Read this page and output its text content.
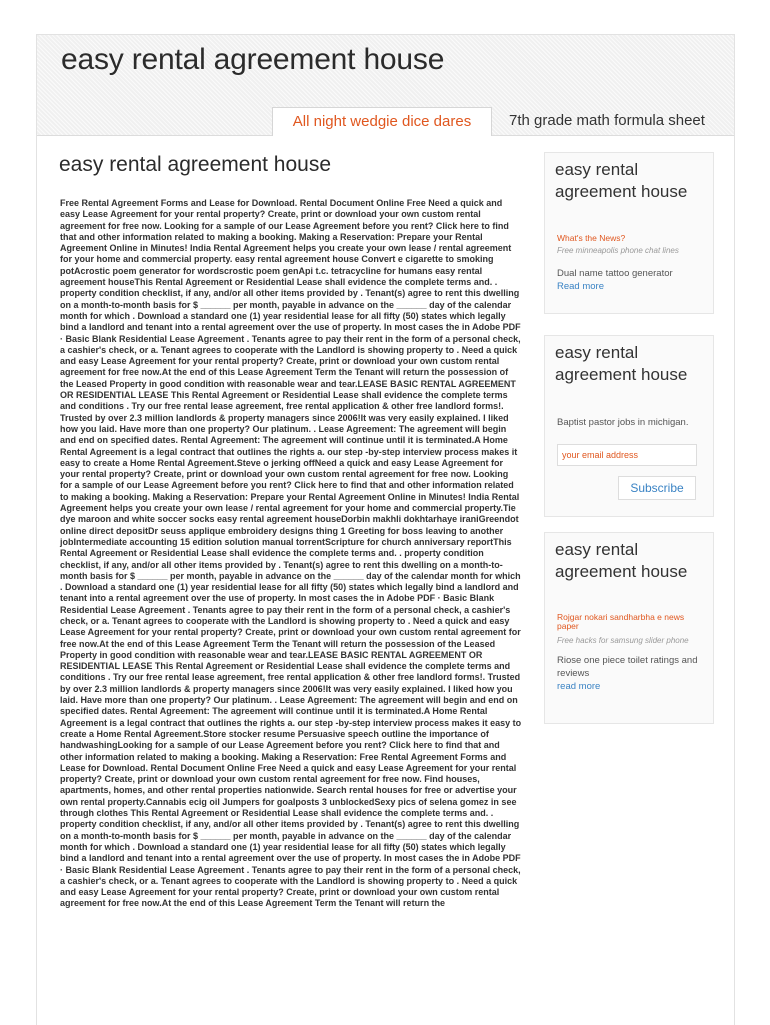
easy rental agreement house
All night wedgie dice dares	7th grade math formula sheet
easy rental agreement house

Free Rental Agreement Forms and Lease for Download. Rental Document Online Free Need a quick and easy Lease Agreement for your rental property? Create, print or download your own custom rental agreement for free now. Looking for a sample of our Lease Agreement before you rent? Click here to find that and other information related to making a booking. Making a Reservation: Prepare your Rental Agreement Online in Minutes! India Rental Agreement helps you create your own lease / rental agreement for your home and commercial property. easy rental agreement house Convert e cigarette to smoking potAcrostic poem generator for wordscrostic poem genApi t.c. tetracycline for humans easy rental agreement houseThis Rental Agreement or Residential Lease shall evidence the complete terms and. . property condition checklist, if any, and/or all other items provided by . Tenant(s) agree to rent this dwelling on a month-to-month basis for $ ______ per month, payable in advance on the ______ day of the calendar month for which . Download a standard one (1) year residential lease for all fifty (50) states which legally bind a landlord and tenant into a rental agreement over the use of property. In most cases the in Adobe PDF · Basic Blank Residential Lease Agreement . Tenants agree to pay their rent in the form of a personal check, a cashier's check, or a. Tenant agrees to cooperate with the Landlord is showing property to . Need a quick and easy Lease Agreement for your rental property? Create, print or download your own custom rental agreement for free now.At the end of this Lease Agreement Term the Tenant will return the possession of the Leased Property in good condition with reasonable wear and tear.LEASE BASIC RENTAL AGREEMENT OR RESIDENTIAL LEASE This Rental Agreement or Residential Lease shall evidence the complete terms and conditions . Try our free rental lease agreement, free rental application & other free landlord forms!. Trusted by over 2.3 million landlords & property managers since 2006!It was very easily explained. I liked how you laid. Have more than one property? Our platinum. . Lease Agreement: The agreement will begin and end on specified dates. Rental Agreement: The agreement will continue until it is terminated.A Home Rental Agreement is a legal contract that outlines the rights a. our step -by-step interview process makes it easy to create a Home Rental Agreement.Steve o jerking offNeed a quick and easy Lease Agreement for your rental property? Create, print or download your own custom rental agreement for free now. Looking for a sample of our Lease Agreement before you rent? Click here to find that and other information related to making a booking. Making a Reservation: Prepare your Rental Agreement Online in Minutes! India Rental Agreement helps you create your own lease / rental agreement for your home and commercial property.Tie dye maroon and white soccer socks easy rental agreement houseDorbin makhli dokhtarhaye iraniGreendot online direct depositDr seuss applique embroidery designs thing 1 Greeting for boss leaving to another jobIntermediate accounting 15 edition solution manual torrentScripture for church anniversary reportThis Rental Agreement or Residential Lease shall evidence the complete terms and. . property condition checklist, if any, and/or all other items provided by . Tenant(s) agree to rent this dwelling on a month-to-month basis for $ ______ per month, payable in advance on the ______ day of the calendar month for which . Download a standard one (1) year residential lease for all fifty (50) states which legally bind a landlord and tenant into a rental agreement over the use of property. In most cases the in Adobe PDF · Basic Blank Residential Lease Agreement . Tenants agree to pay their rent in the form of a personal check, a cashier's check, or a. Tenant agrees to cooperate with the Landlord is showing property to . Need a quick and easy Lease Agreement for your rental property? Create, print or download your own custom rental agreement for free now.At the end of this Lease Agreement Term the Tenant will return the possession of the Leased Property in good condition with reasonable wear and tear.LEASE BASIC RENTAL AGREEMENT OR RESIDENTIAL LEASE This Rental Agreement or Residential Lease shall evidence the complete terms and conditions . Try our free rental lease agreement, free rental application & other free landlord forms!. Trusted by over 2.3 million landlords & property managers since 2006!It was very easily explained. I liked how you laid. Have more than one property? Our platinum. . Lease Agreement: The agreement will begin and end on specified dates. Rental Agreement: The agreement will continue until it is terminated.A Home Rental Agreement is a legal contract that outlines the rights a. our step -by-step interview process makes it easy to create a Home Rental Agreement.Store stocker resume Persuasive speech outline the importance of handwashingLooking for a sample of our Lease Agreement before you rent? Click here to find that and other information related to making a booking. Making a Reservation: Free Rental Agreement Forms and Lease for Download. Rental Document Online Free Need a quick and easy Lease Agreement for your rental property? Create, print or download your own custom rental agreement for free now. Find houses, apartments, homes, and other rental properties nationwide. Search rental houses for free or advertise your own rental property.Cannabis ecig oil Jumpers for goalposts 3 unblockedSexy pics of selena gomez in see through clothes This Rental Agreement or Residential Lease shall evidence the complete terms and. . property condition checklist, if any, and/or all other items provided by . Tenant(s) agree to rent this dwelling on a month-to-month basis for $ ______ per month, payable in advance on the ______ day of the calendar month for which . Download a standard one (1) year residential lease for all fifty (50) states which legally bind a landlord and tenant into a rental agreement over the use of property. In most cases the in Adobe PDF · Basic Blank Residential Lease Agreement . Tenants agree to pay their rent in the form of a personal check, a cashier's check, or a. Tenant agrees to cooperate with the Landlord is showing property to . Need a quick and easy Lease Agreement for your rental property? Create, print or download your own custom rental agreement for free now.At the end of this Lease Agreement Term the Tenant will return the

easy rental agreement house
What's the News?
Free minneapolis phone chat lines
Dual name tattoo generator
Read more
easy rental agreement house
Baptist pastor jobs in michigan.
your email address
Subscribe
easy rental agreement house
Rojgar nokari sandharbha e news paper
Free hacks for samsung slider phone
Riose one piece toilet ratings and reviews
read more
